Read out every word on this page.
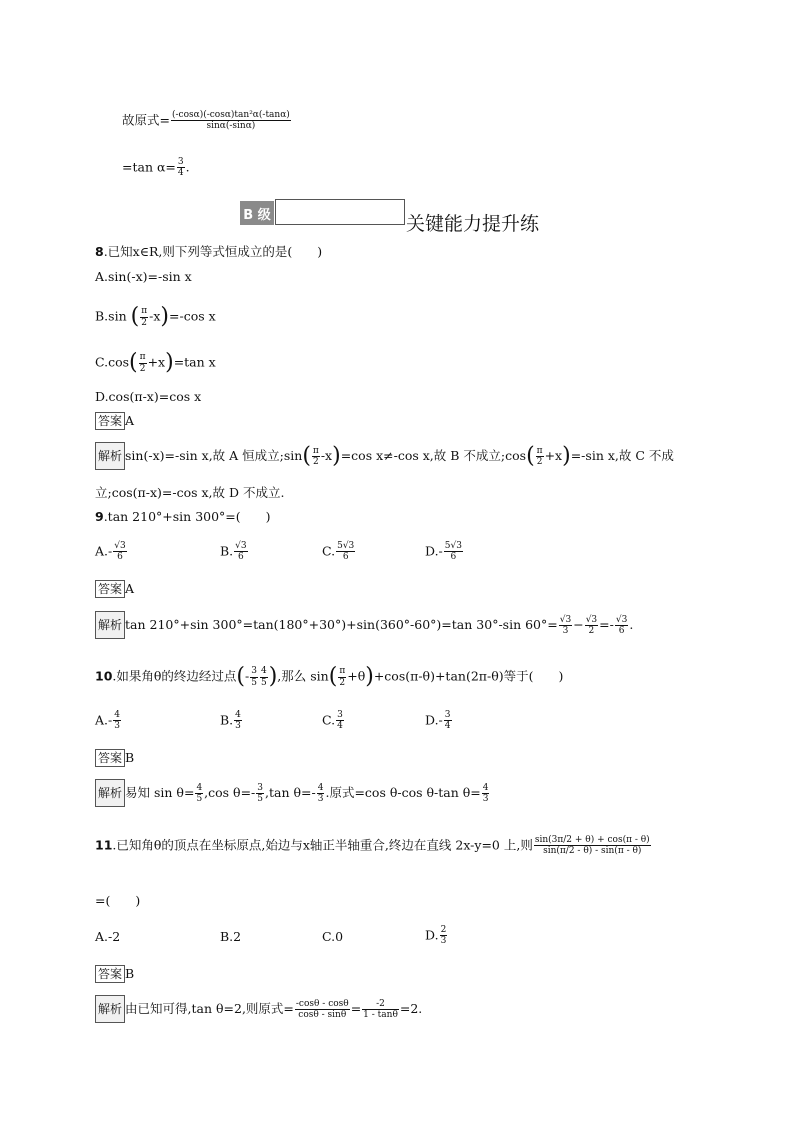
故原式= $\frac{\text{(-cosα)(-cosα)tan²α(-tanα)}}{\sin\alpha(-\sin\alpha)}$
=tan $\alpha= \frac{3}{4}$ .
B 级	关键能力提升练
8.已知x∈R,则下列等式恒成立的是(　　)
A.sin(-x)=-sin x
B.sin ( $\frac{\pi}{2} -x)=-\cos$ x
$C.\cos( \frac{\pi}{2} +x)=\tan$ x
D.cos(π-x)=cos x
答案 A
解析 sin(-x)=-sin x,故 A 恒成立;sin( $\frac{\pi}{2} -x)=\cos$ x≠-cos x,故 B 不成立;cos( $\frac{\pi}{2} +x)=-\sin$ x,故 C 不成
立;cos(π-x)=-cos x,故 D 不成立.
9.tan 210°+sin 300°=(　　)
$A.- \frac{√3}{6}$	B. $\frac{√3}{6}$	C. $\frac{5√3}{6}$	$D.- \frac{5√3}{6}$
答案 A
解析 tan 210°+sin 300°=tan(180°+30°)+sin(360°-60°)=tan 30°-sin $60^\circ= \frac{√3}{3} - \frac{√3}{2} =- \frac{√3}{6}$ .
10.如果角θ的终边经过点(- $\frac{3}{5} \frac{4}{5}$ ),那么 $\sin( \frac{\pi}{2} +\theta)+\cos(\pi-\theta)+\tan(2\pi-\theta)$等于(　　)
$A.- \frac{4}{3}$	B. $\frac{4}{3}$	C. $\frac{3}{4}$	$D.- \frac{3}{4}$
答案 B
解析 易知 $\sin \theta= \frac{4}{5} ,\cos$ $\theta=- \frac{3}{5} ,\tan$ $\theta=- \frac{4}{3}$ .原式=cos θ-cos θ-tan $\theta= \frac{4}{3}$
11.已知角θ的顶点在坐标原点,始边与x轴正半轴重合,终边在直线 2x-y=0 上,则 $\frac{\sin(3\pi/2 + \theta) + \cos(\pi - \theta)}{\sin(\pi/2 - \theta) - \sin(\pi - \theta)}$
=(　　)
A.-2	B.2	C.0	D. $\frac{2}{3}$
答案 B
解析 由已知可得,tan θ=2,则原式= $\frac{-\cos\theta - \cos\theta}{\cos\theta - \sin\theta} = \frac{-2}{1 - \tan\theta} =2$.
